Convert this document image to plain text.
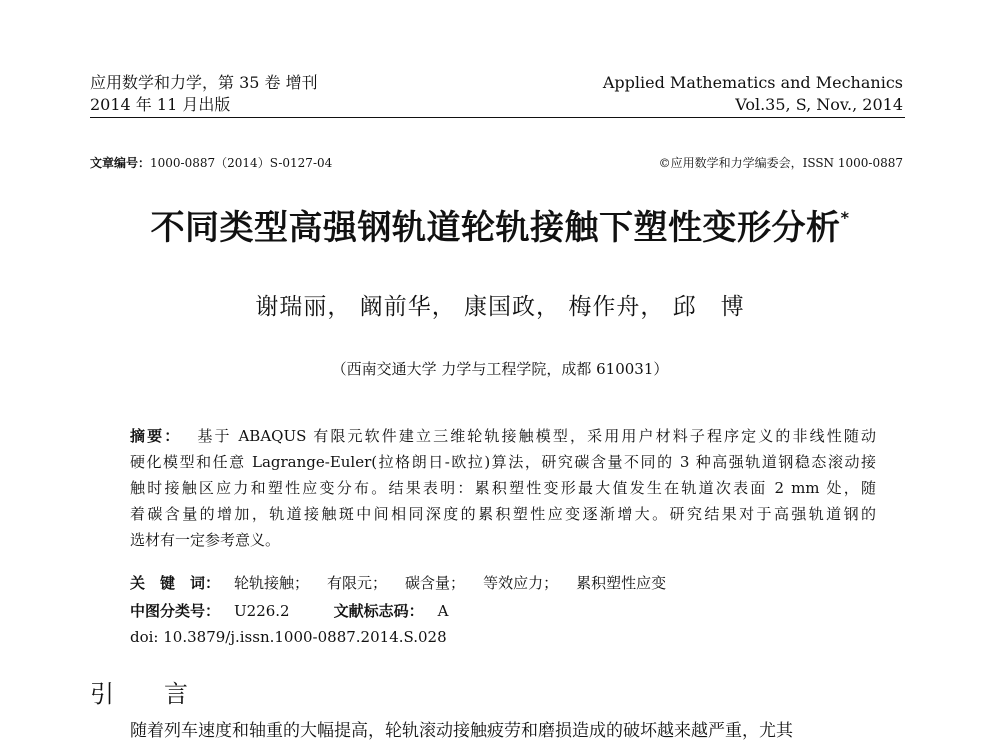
应用数学和力学，第 35 卷 增刊
2014 年 11 月出版
Applied Mathematics and Mechanics
Vol.35, S, Nov., 2014
文章编号：1000-0887（2014）S-0127-04	©应用数学和力学编委会，ISSN 1000-0887
不同类型高强钢轨道轮轨接触下塑性变形分析*
谢瑞丽， 阚前华， 康国政， 梅作舟， 邱　博
（西南交通大学 力学与工程学院，成都 610031）
摘要： 基于 ABAQUS 有限元软件建立三维轮轨接触模型，采用用户材料子程序定义的非线性随动
硬化模型和任意 Lagrange-Euler(拉格朗日-欧拉)算法，研究碳含量不同的 3 种高强轨道钢稳态滚动接
触时接触区应力和塑性应变分布。结果表明：累积塑性变形最大值发生在轨道次表面 2 mm 处，随
着碳含量的增加，轨道接触斑中间相同深度的累积塑性应变逐渐增大。研究结果对于高强轨道钢的
选材有一定参考意义。
关　键　词： 轮轨接触； 有限元； 碳含量； 等效应力； 累积塑性应变
中图分类号： U226.2	文献标志码： A
doi: 10.3879/j.issn.1000-0887.2014.S.028
引 言
随着列车速度和轴重的大幅提高，轮轨滚动接触疲劳和磨损造成的破坏越来越严重，尤其
